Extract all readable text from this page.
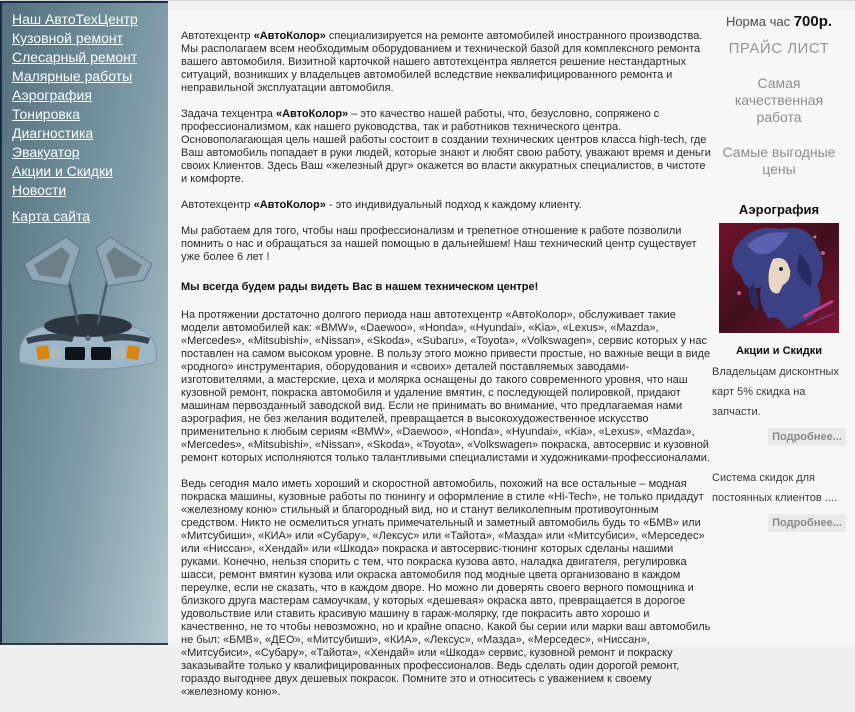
Наш АвтоТехЦентр
Кузовной ремонт
Слесарный ремонт
Малярные работы
Аэрография
Тонировка
Диагностика
Эвакуатор
Акции и Скидки
Новости
Карта сайта

Автотехцентр «АвтоКолор» специализируется на ремонте автомобилей иностранного производства. Мы располагаем всем необходимым оборудованием и технической базой для комплексного ремонта вашего автомобиля. Визитной карточкой нашего автотехцентра является решение нестандартных ситуаций, возникших у владельцев автомобилей вследствие неквалифицированного ремонта и неправильной эксплуатации автомобиля.

Задача техцентра «АвтоКолор» – это качество нашей работы, что, безусловно, сопряжено с профессионализмом, как нашего руководства, так и работников технического центра. Основополагающая цель нашей работы состоит в создании технических центров класса high-tech, где Ваш автомобиль попадает в руки людей, которые знают и любят свою работу, уважают время и деньги своих Клиентов. Здесь Ваш «железный друг» окажется во власти аккуратных специалистов, в чистоте и комфорте.

Автотехцентр «АвтоКолор» - это индивидуальный подход к каждому клиенту.

Мы работаем для того, чтобы наш профессионализм и трепетное отношение к работе позволили помнить о нас и обращаться за нашей помощью в дальнейшем! Наш технический центр существует уже более 6 лет !

Мы всегда будем рады видеть Вас в нашем техническом центре!

На протяжении достаточно долгого периода наш автотехцентр «АвтоКолор», обслуживает такие модели автомобилей как: «BMW», «Daewoo», «Honda», «Hyundai», «Kia», «Lexus», «Mazda», «Mercedes», «Mitsubishi», «Nissan», «Skoda», «Subaru», «Toyota», «Volkswagen», сервис которых у нас поставлен на самом высоком уровне. В пользу этого можно привести простые, но важные вещи в виде «родного» инструментария, оборудования и «своих» деталей поставляемых заводами-изготовителями, а мастерские, цеха и молярка оснащены до такого современного уровня, что наш кузовной ремонт, покраска автомобиля и удаление вмятин, с последующей полировкой, придают машинам первозданный заводской вид. Если не принимать во внимание, что предлагаемая нами аэрография, не без желания водителей, превращается в высокохудожественное искусство применительно к любым сериям «BMW», «Daewoo», «Honda», «Hyundai», «Kia», «Lexus», «Mazda», «Mercedes», «Mitsubishi», «Nissan», «Skoda», «Toyota», «Volkswagen» покраска, автосервис и кузовной ремонт которых исполняются только талантливыми специалистами и художниками-профессионалами.

Ведь сегодня мало иметь хороший и скоростной автомобиль, похожий на все остальные – модная покраска машины, кузовные работы по тюнингу и оформление в стиле «Hi-Tech», не только придадут «железному коню» стильный и благородный вид, но и станут великолепным противоугонным средством. Никто не осмелиться угнать примечательный и заметный автомобиль будь то «БМВ» или «Митсубиши», «КИА» или «Субару», «Лексус» или «Тайота», «Мазда» или «Митсубиси», «Мерседес» или «Ниссан», «Хендай» или «Шкода» покраска и автосервис-тюнинг которых сделаны нашими руками. Конечно, нельзя спорить с тем, что покраска кузова авто, наладка двигателя, регулировка шасси, ремонт вмятин кузова или окраска автомобиля под модные цвета организовано в каждом переулке, если не сказать, что в каждом дворе. Но можно ли доверять своего верного помощника и близкого друга мастерам самоучкам, у которых «дешевая» окраска авто, превращается в дорогое удовольствие или ставить красивую машину в гараж-молярку, где покрасить авто хорошо и качественно, не то чтобы невозможно, но и крайне опасно. Какой бы серии или марки ваш автомобиль не был: «БМВ», «ДЕО», «Митсубиши», «КИА», «Лексус», «Мазда», «Мерседес», «Ниссан», «Митсубиси», «Субару», «Тайота», «Хендай» или «Шкода» сервис, кузовной ремонт и покраску заказывайте только у квалифицированных профессионалов. Ведь сделать один дорогой ремонт, гораздо выгоднее двух дешевых покрасок. Помните это и относитесь с уважением к своему «железному коню».

Норма час 700р.
ПРАЙС ЛИСТ
Самая качественная работа
Самые выгодные цены
Аэрография
Акции и Скидки

Владельцам дисконтных карт 5% скидка на запчасти.

Подробнее...

Система скидок для постоянных клиентов ....

Подробнее...
